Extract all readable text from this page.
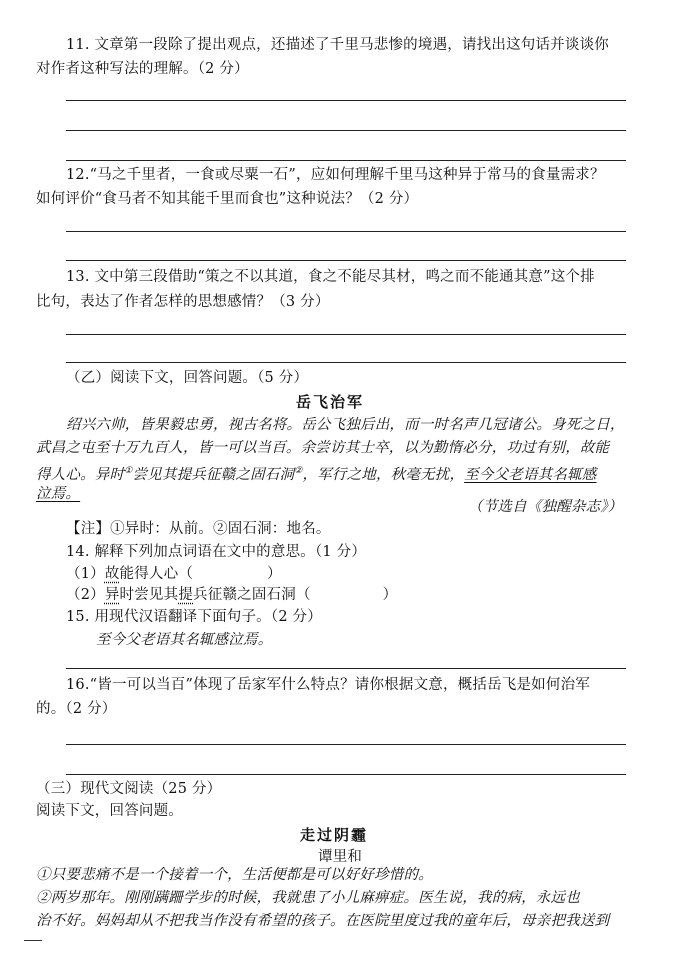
11. 文章第一段除了提出观点，还描述了千里马悲惨的境遇，请找出这句话并谈谈你
对作者这种写法的理解。（2 分）
12.“马之千里者，一食或尽粟一石”，应如何理解千里马这种异于常马的食量需求？
如何评价“食马者不知其能千里而食也”这种说法？（2 分）
13. 文中第三段借助“策之不以其道，食之不能尽其材，鸣之而不能通其意”这个排
比句，表达了作者怎样的思想感情？（3 分）
（乙）阅读下文，回答问题。（5 分）
岳飞治军
绍兴六帅，皆果毅忠勇，视古名将。岳公飞独后出，而一时名声几冠诸公。身死之日，
武昌之屯至十万九百人，皆一可以当百。余尝访其士卒，以为勤惰必分，功过有别，故能
得人心。异时①尝见其提兵征赣之固石洞②，军行之地，秋毫无扰，至今父老语其名辄感
泣焉。
（节选自《独醒杂志》）
【注】①异时：从前。②固石洞：地名。
14. 解释下列加点词语在文中的意思。（1 分）
（1）故能得人心（	）
（2）异时尝见其提兵征赣之固石洞（	）
15. 用现代汉语翻译下面句子。（2 分）
至今父老语其名辄感泣焉。
16.“皆一可以当百”体现了岳家军什么特点？请你根据文意，概括岳飞是如何治军
的。（2 分）
（三）现代文阅读（25 分）
阅读下文，回答问题。
走过阴霾
谭里和
①只要悲痛不是一个接着一个，生活便都是可以好好珍惜的。
②两岁那年。刚刚蹒跚学步的时候，我就患了小儿麻痹症。医生说，我的病，永远也
治不好。妈妈却从不把我当作没有希望的孩子。在医院里度过我的童年后，母亲把我送到
